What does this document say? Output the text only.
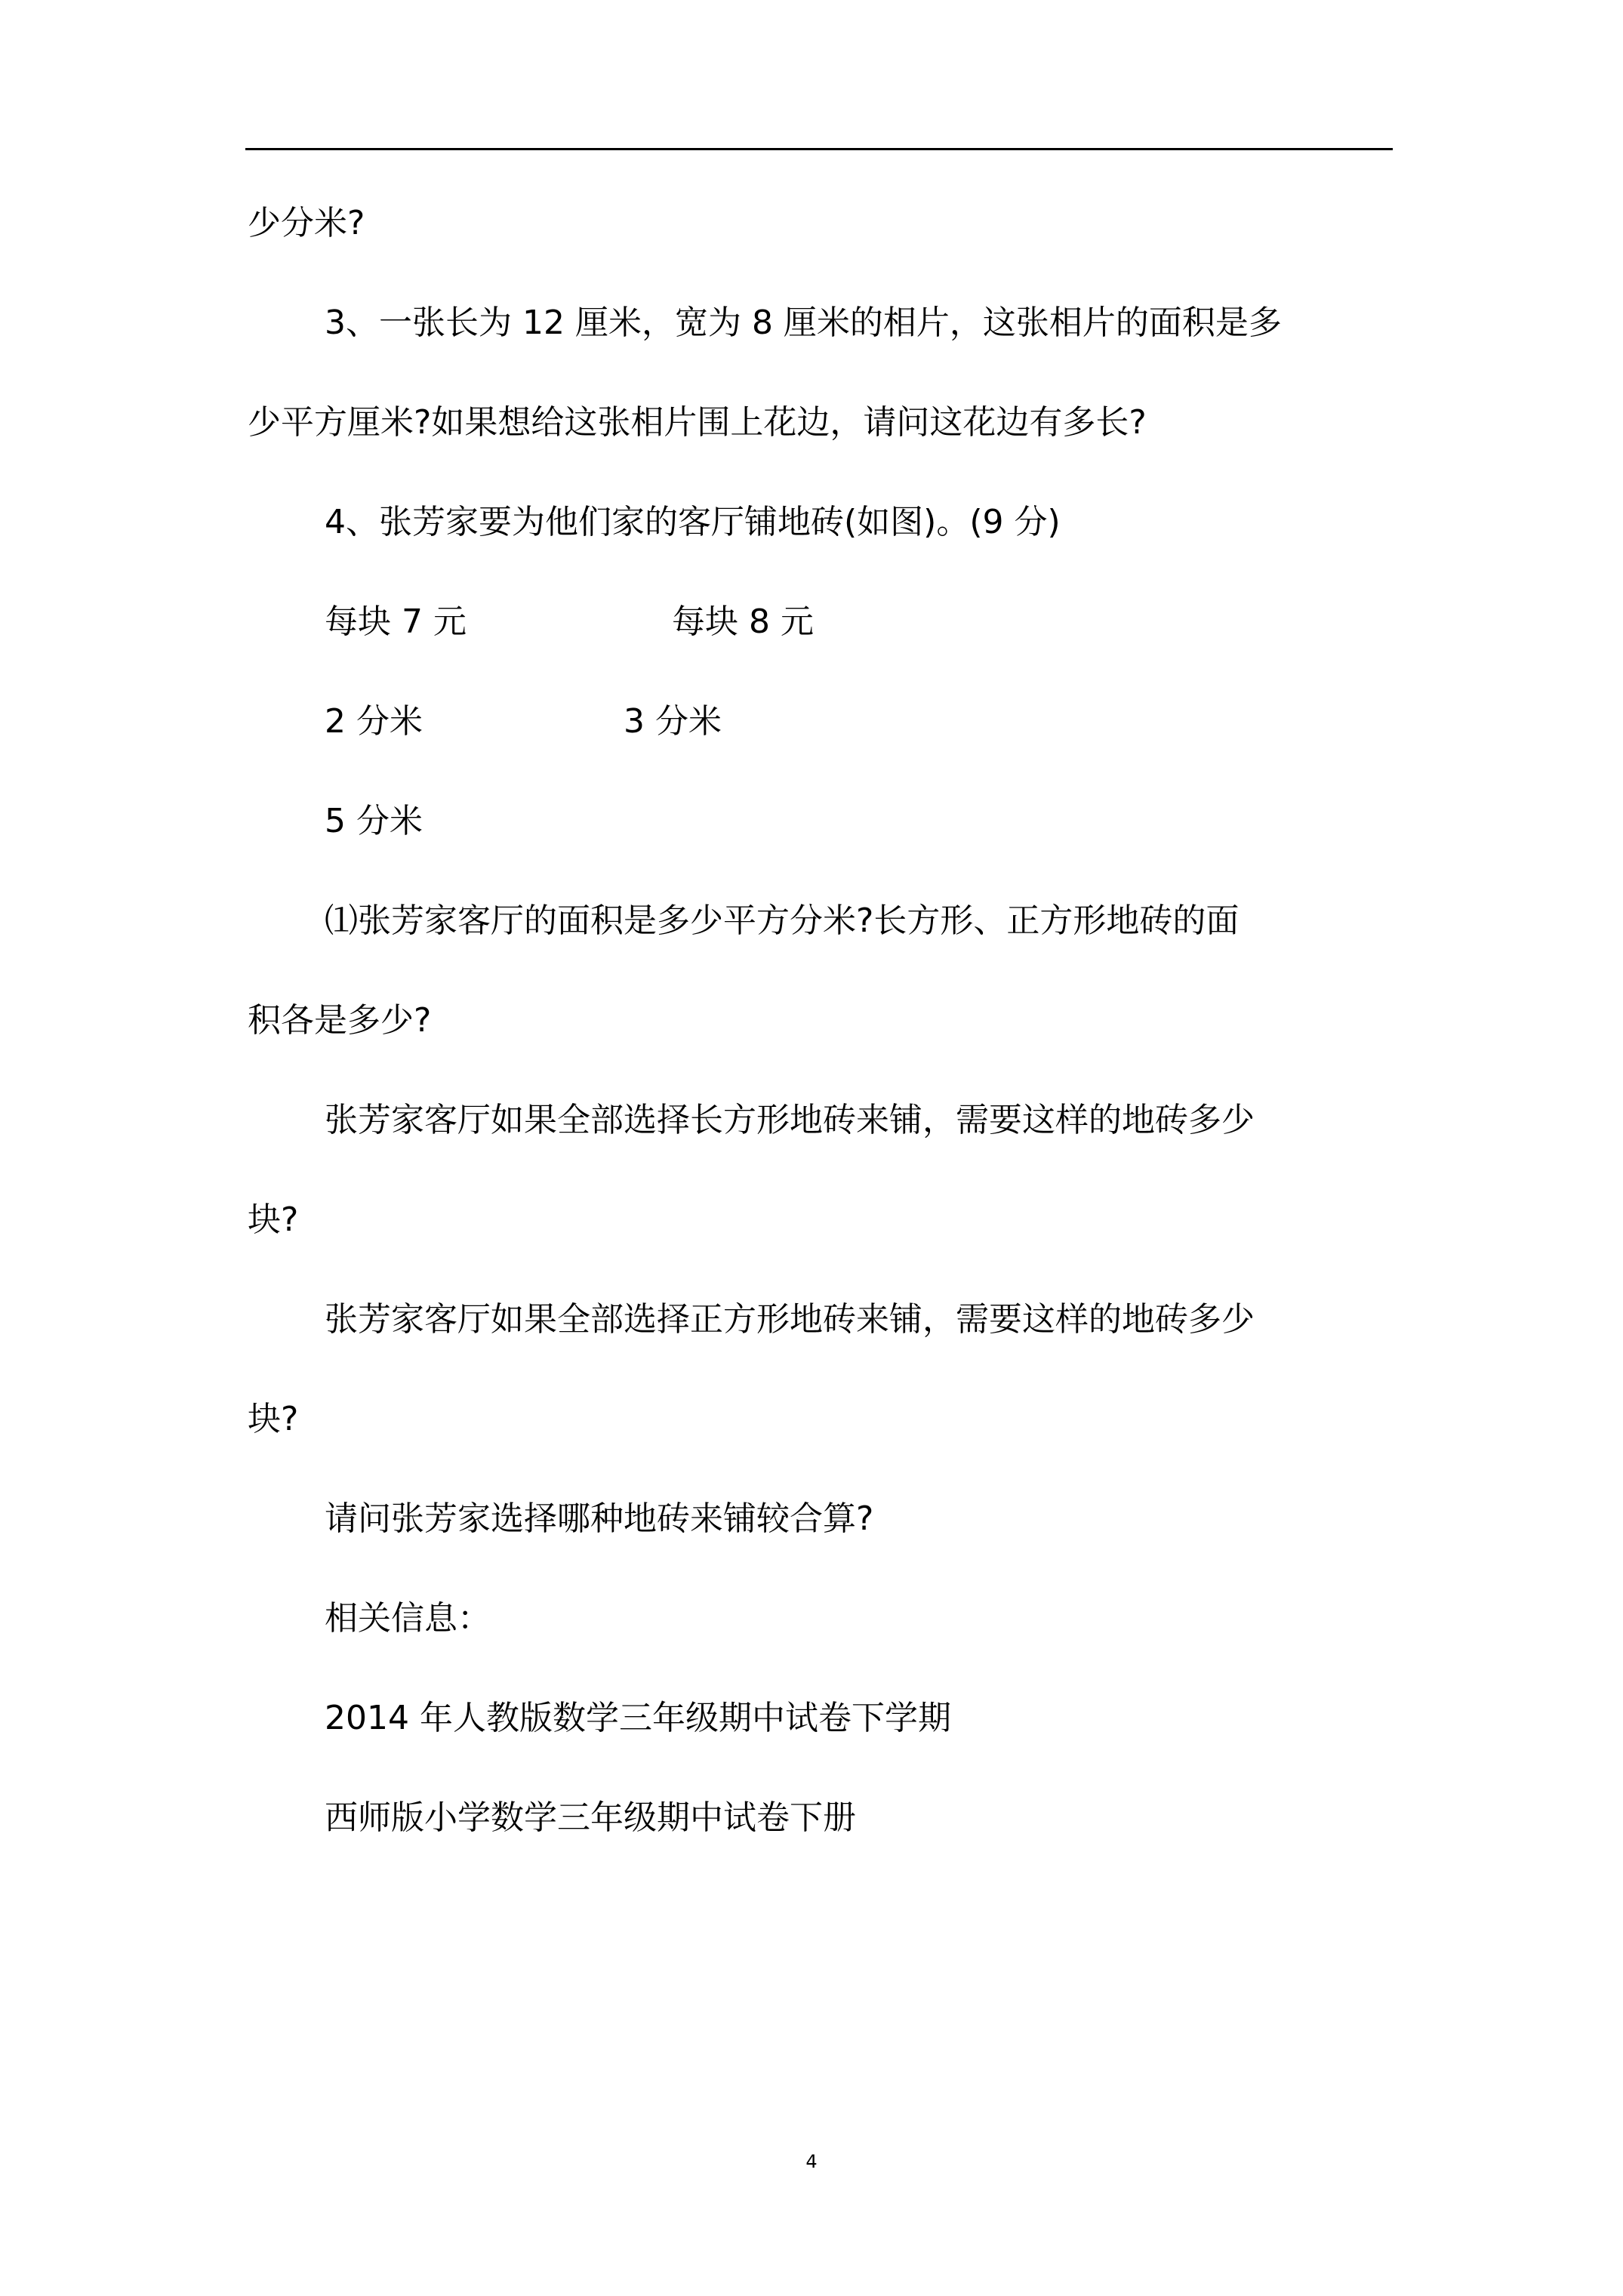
少分米?
3、一张长为 12 厘米，宽为 8 厘米的相片，这张相片的面积是多
少平方厘米?如果想给这张相片围上花边，请问这花边有多长?
4、张芳家要为他们家的客厅铺地砖(如图)。(9 分)
每块 7 元	每块 8 元
2 分米	3 分米
5 分米
⑴张芳家客厅的面积是多少平方分米?长方形、正方形地砖的面
积各是多少?
张芳家客厅如果全部选择长方形地砖来铺，需要这样的地砖多少
块?
张芳家客厅如果全部选择正方形地砖来铺，需要这样的地砖多少
块?
请问张芳家选择哪种地砖来铺较合算?
相关信息：
2014 年人教版数学三年级期中试卷下学期
西师版小学数学三年级期中试卷下册
4
